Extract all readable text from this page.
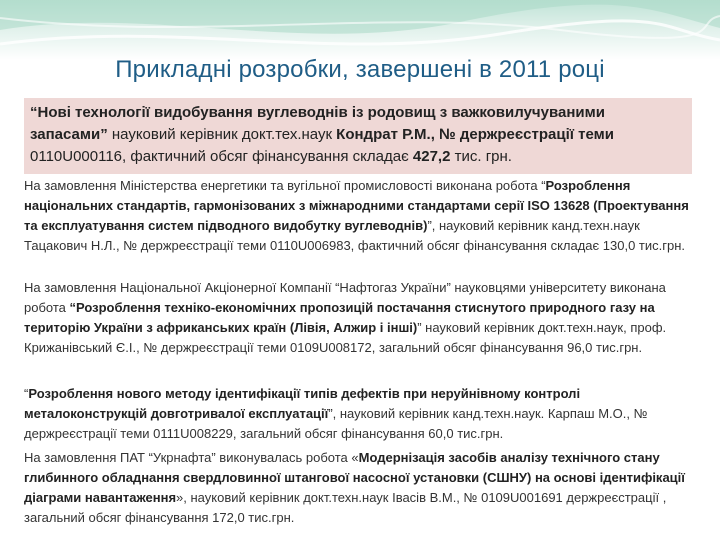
Прикладні розробки, завершені в 2011 році

“Нові технології видобування вуглеводнів із родовищ з важковилучуваними запасами” науковий керівник докт.тех.наук Кондрат Р.М., № держреєстрації теми 0110U000116, фактичний обсяг фінансування складає 427,2 тис. грн.

На замовлення Міністерства енергетики та вугільної промисловості виконана робота “Розроблення національних стандартів, гармонізованих з міжнародними стандартами серії ISO 13628 (Проектування та експлуатування систем підводного видобутку вуглеводнів)”, науковий керівник канд.техн.наук Тацакович Н.Л., № держреєстрації теми 0110U006983, фактичний обсяг фінансування складає 130,0 тис.грн.

На замовлення Національної Акціонерної Компанії “Нафтогаз України” науковцями університету виконана робота “Розроблення техніко-економічних пропозицій постачання стиснутого природного газу на територію України з африканських країн (Лівія, Алжир і інші)” науковий керівник докт.техн.наук, проф. Крижанівський Є.І., № держреєстрації теми 0109U008172, загальний обсяг фінансування 96,0 тис.грн.

“Розроблення нового методу ідентифікації типів дефектів при неруйнівному контролі металоконструкцій довготривалої експлуатації”, науковий керівник канд.техн.наук. Карпаш М.О., № держреєстрації теми 0111U008229, загальний обсяг фінансування 60,0 тис.грн.

На замовлення ПАТ “Укрнафта” виконувалась робота «Модернізація засобів аналізу технічного стану глибинного обладнання свердловинної штангової насосної установки (СШНУ) на основі ідентифікації діаграми навантаження», науковий керівник докт.техн.наук Івасів В.М., № 0109U001691 держреєстрації , загальний обсяг фінансування 172,0 тис.грн.
